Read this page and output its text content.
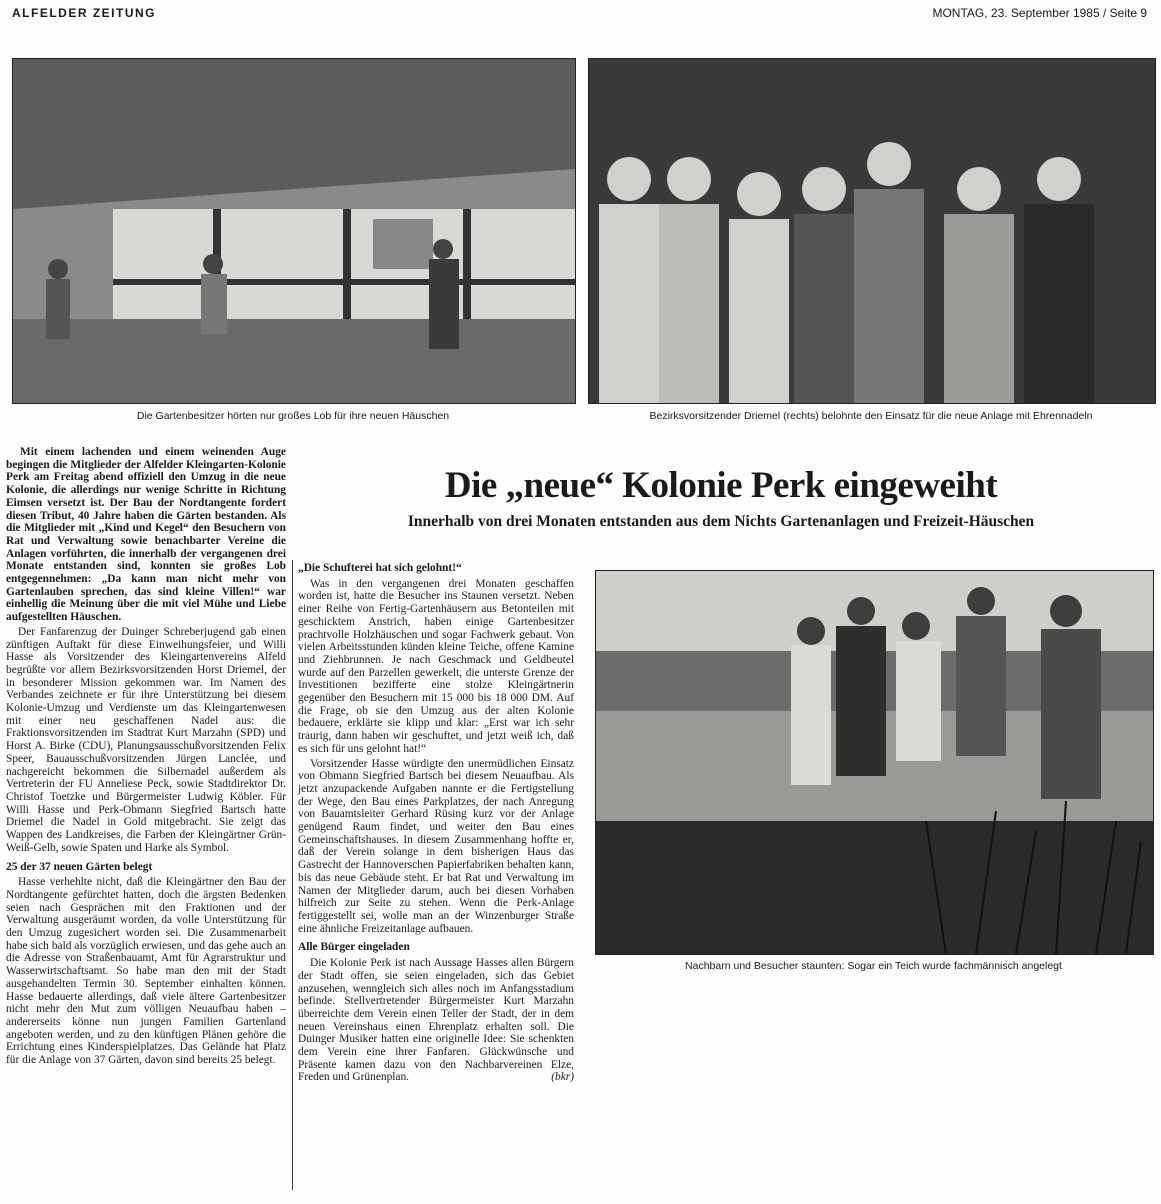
ALFELDER ZEITUNG	MONTAG, 23. September 1985 / Seite 9
Die Gartenbesitzer hörten nur großes Lob für ihre neuen Häuschen	Bezirksvorsitzender Driemel (rechts) belohnte den Einsatz für die neue Anlage mit Ehrennadeln
Die „neue“ Kolonie Perk eingeweiht
Innerhalb von drei Monaten entstanden aus dem Nichts Gartenanlagen und Freizeit-Häuschen

Mit einem lachenden und einem weinenden Auge begingen die Mitglieder der Alfelder Kleingarten-Kolonie Perk am Freitag abend offiziell den Umzug in die neue Kolonie, die allerdings nur wenige Schritte in Richtung Eimsen versetzt ist. Der Bau der Nordtangente fordert diesen Tribut, 40 Jahre haben die Gärten bestanden. Als die Mitglieder mit „Kind und Kegel“ den Besuchern von Rat und Verwaltung sowie benachbarter Vereine die Anlagen vorführten, die innerhalb der vergangenen drei Monate entstanden sind, konnten sie großes Lob entgegennehmen: „Da kann man nicht mehr von Gartenlauben sprechen, das sind kleine Villen!“ war einhellig die Meinung über die mit viel Mühe und Liebe aufgestellten Häuschen.

Der Fanfarenzug der Duinger Schreberjugend gab einen zünftigen Auftakt für diese Einweihungsfeier, und Willi Hasse als Vorsitzender des Kleingartenvereins Alfeld begrüßte vor allem Bezirksvorsitzenden Horst Driemel, der in besonderer Mission gekommen war. Im Namen des Verbandes zeichnete er für ihre Unterstützung bei diesem Kolonie-Umzug und Verdienste um das Kleingartenwesen mit einer neu geschaffenen Nadel aus: die Fraktionsvorsitzenden im Stadtrat Kurt Marzahn (SPD) und Horst A. Birke (CDU), Planungsausschußvorsitzenden Felix Speer, Bauausschußvorsitzenden Jürgen Lanclée, und nachgereicht bekommen die Silbernadel außerdem als Vertreterin der FU Anneliese Peck, sowie Stadtdirektor Dr. Christof Toetzke und Bürgermeister Ludwig Köbler. Für Willi Hasse und Perk-Obmann Siegfried Bartsch hatte Driemel die Nadel in Gold mitgebracht. Sie zeigt das Wappen des Landkreises, die Farben der Kleingärtner Grün-Weiß-Gelb, sowie Spaten und Harke als Symbol.

25 der 37 neuen Gärten belegt

Hasse verhehlte nicht, daß die Kleingärtner den Bau der Nordtangente gefürchtet hatten, doch die ärgsten Bedenken seien nach Gesprächen mit den Fraktionen und der Verwaltung ausgeräumt worden, da volle Unterstützung für den Umzug zugesichert worden sei. Die Zusammenarbeit habe sich bald als vorzüglich erwiesen, und das gehe auch an die Adresse von Straßenbauamt, Amt für Agrarstruktur und Wasserwirtschaftsamt. So habe man den mit der Stadt ausgehandelten Termin 30. September einhalten können. Hasse bedauerte allerdings, daß viele ältere Gartenbesitzer nicht mehr den Mut zum völligen Neuaufbau haben – andererseits könne nun jungen Familien Gartenland angeboten werden, und zu den künftigen Plänen gehöre die Errichtung eines Kinderspielplatzes. Das Gelände hat Platz für die Anlage von 37 Gärten, davon sind bereits 25 belegt.

„Die Schufterei hat sich gelohnt!“

Was in den vergangenen drei Monaten geschaffen worden ist, hatte die Besucher ins Staunen versetzt. Neben einer Reihe von Fertig-Gartenhäusern aus Betonteilen mit geschicktem Anstrich, haben einige Gartenbesitzer prachtvolle Holzhäuschen und sogar Fachwerk gebaut. Von vielen Arbeitsstunden künden kleine Teiche, offene Kamine und Ziehbrunnen. Je nach Geschmack und Geldbeutel wurde auf den Parzellen gewerkelt, die unterste Grenze der Investitionen bezifferte eine stolze Kleingärtnerin gegenüber den Besuchern mit 15 000 bis 18 000 DM. Auf die Frage, ob sie den Umzug aus der alten Kolonie bedauere, erklärte sie klipp und klar: „Erst war ich sehr traurig, dann haben wir geschuftet, und jetzt weiß ich, daß es sich für uns gelohnt hat!“

Vorsitzender Hasse würdigte den unermüdlichen Einsatz von Obmann Siegfried Bartsch bei diesem Neuaufbau. Als jetzt anzupackende Aufgaben nannte er die Fertigstellung der Wege, den Bau eines Parkplatzes, der nach Anregung von Bauamtsleiter Gerhard Rüsing kurz vor der Anlage genügend Raum findet, und weiter den Bau eines Gemeinschaftshauses. In diesem Zusammenhang hoffte er, daß der Verein solange in dem bisherigen Haus das Gastrecht der Hannoverschen Papierfabriken behalten kann, bis das neue Gebäude steht. Er bat Rat und Verwaltung im Namen der Mitglieder darum, auch bei diesen Vorhaben hilfreich zur Seite zu stehen. Wenn die Perk-Anlage fertiggestellt sei, wolle man an der Winzenburger Straße eine ähnliche Freizeitanlage aufbauen.

Alle Bürger eingeladen

Die Kolonie Perk ist nach Aussage Hasses allen Bürgern der Stadt offen, sie seien eingeladen, sich das Gebiet anzusehen, wenngleich sich alles noch im Anfangsstadium befinde. Stellvertretender Bürgermeister Kurt Marzahn überreichte dem Verein einen Teller der Stadt, der in dem neuen Vereinshaus einen Ehrenplatz erhalten soll. Die Duinger Musiker hatten eine originelle Idee: Sie schenkten dem Verein eine ihrer Fanfaren. Glückwünsche und Präsente kamen dazu von den Nachbarvereinen Elze, Freden und Grünenplan.	(bkr)

Nachbarn und Besucher staunten: Sogar ein Teich wurde fachmännisch angelegt
